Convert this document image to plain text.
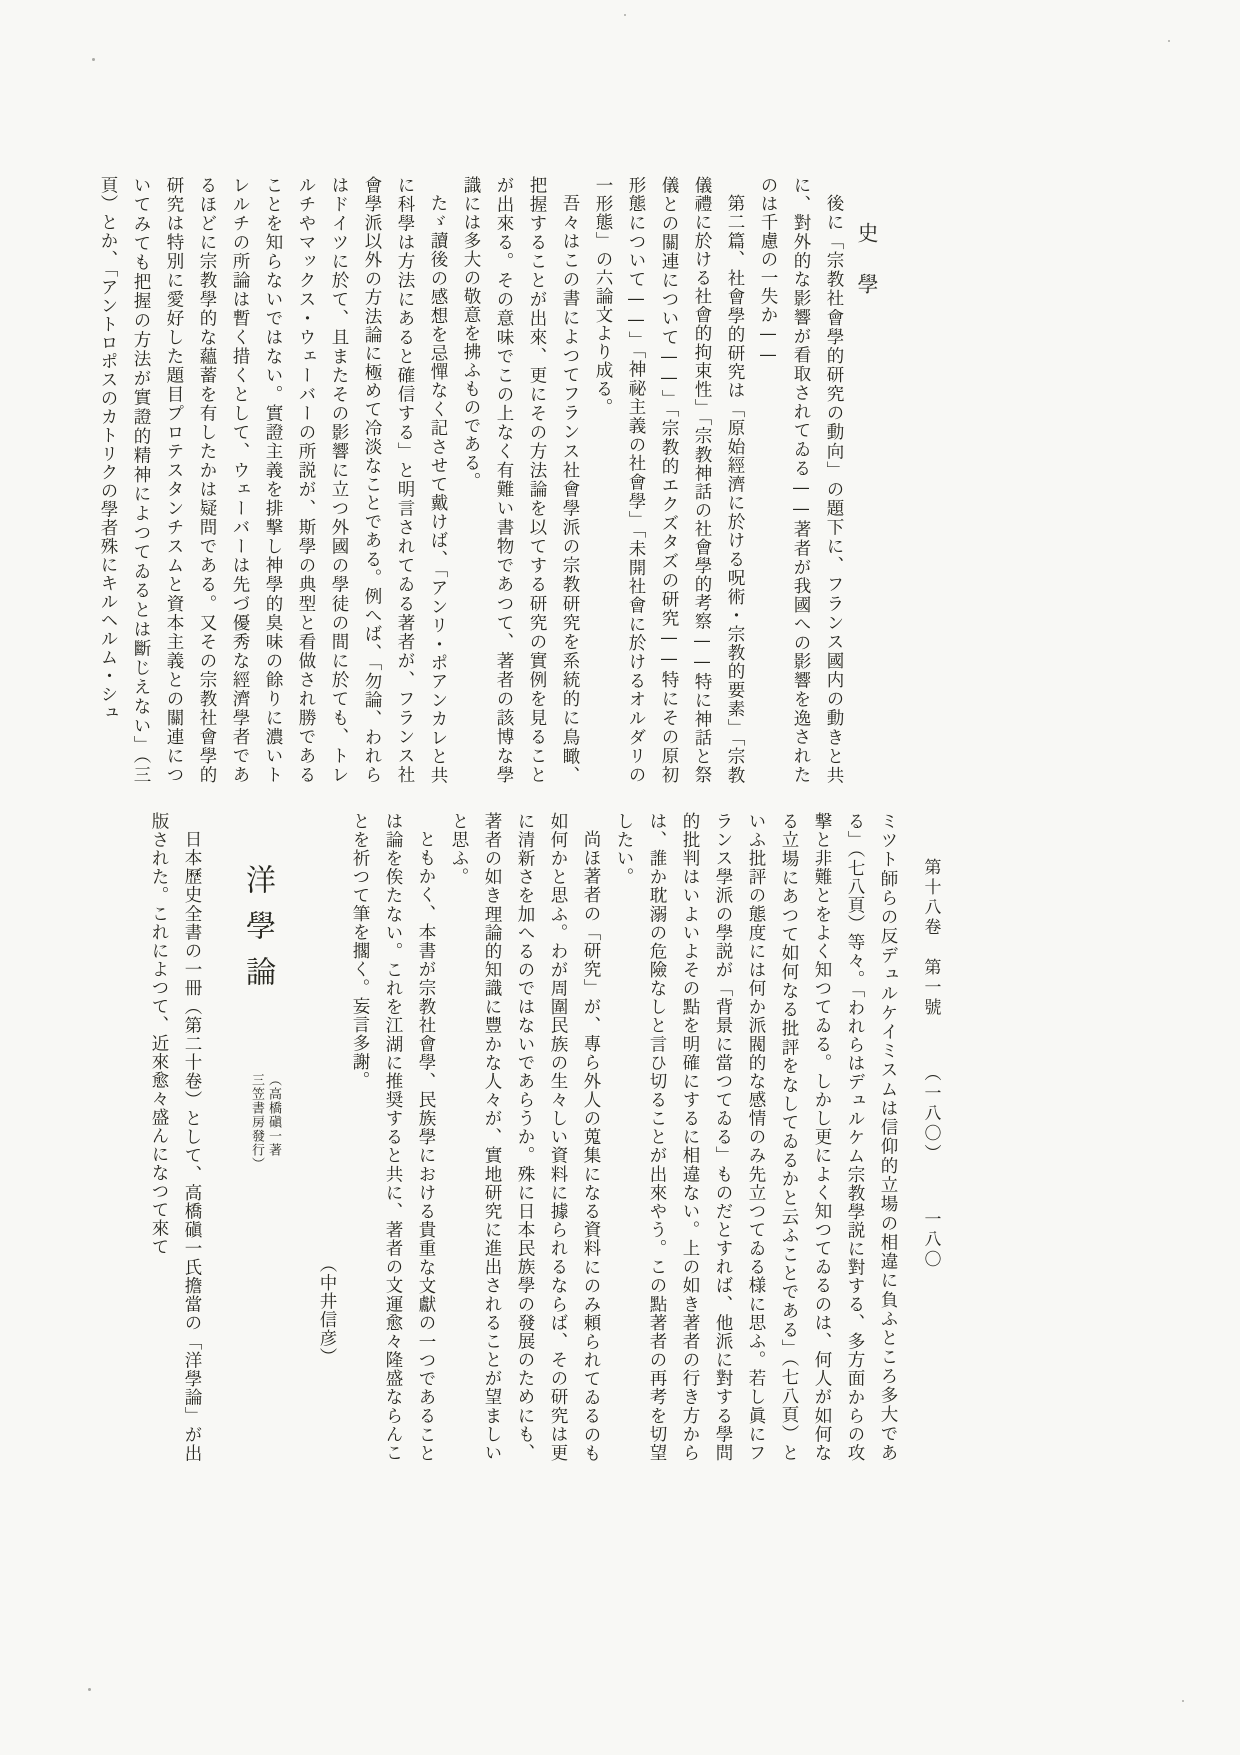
史學

後に「宗教社會學的研究の動向」の題下に、フランス國内の動きと共に、對外的な影響が看取されてゐる——著者が我國への影響を逸されたのは千慮の一失か——

第二篇、社會學的研究は「原始經濟に於ける呪術・宗教的要素」「宗教儀禮に於ける社會的拘束性」「宗教神話の社會學的考察——特に神話と祭儀との關連について——」「宗教的エクズタズの研究——特にその原初形態について——」「神祕主義の社會學」「未開社會に於けるオルダリの一形態」の六論文より成る。

吾々はこの書によつてフランス社會學派の宗教研究を系統的に鳥瞰、把握することが出來、更にその方法論を以てする研究の實例を見ることが出來る。その意味でこの上なく有難い書物であつて、著者の該博な學識には多大の敬意を拂ふものである。

たゞ讀後の感想を忌憚なく記させて戴けば、「アンリ・ポアンカレと共に科學は方法にあると確信する」と明言されてゐる著者が、フランス社會學派以外の方法論に極めて冷淡なことである。例へば、「勿論、われらはドイツに於て、且またその影響に立つ外國の學徒の間に於ても、トレルチやマックス・ウェーバーの所説が、斯學の典型と看做され勝であることを知らないではない。實證主義を排撃し神學的臭味の餘りに濃いトレルチの所論は暫く措くとして、ウェーバーは先づ優秀な經濟學者であるほどに宗教學的な蘊蓄を有したかは疑問である。又その宗教社會學的研究は特別に愛好した題目プロテスタンチスムと資本主義との關連についてみても把握の方法が實證的精神によつてゐるとは斷じえない」（三頁）とか、「アントロポスのカトリクの學者殊にキルヘルム・シュ

第十八卷　第一號
（一八〇）
一八〇

ミツト師らの反デュルケイミスムは信仰的立場の相違に負ふところ多大である」（七八頁）等々。「われらはデュルケム宗教學説に對する、多方面からの攻撃と非難とをよく知つてゐる。しかし更によく知つてゐるのは、何人が如何なる立場にあつて如何なる批評をなしてゐるかと云ふことである」（七八頁）といふ批評の態度には何か派閥的な感情のみ先立つてゐる様に思ふ。若し眞にフランス學派の學説が「背景に當つてゐる」ものだとすれば、他派に對する學問的批判はいよいよその點を明確にするに相違ない。上の如き著者の行き方からは、誰か耽溺の危險なしと言ひ切ることが出來やう。この點著者の再考を切望したい。

尚ほ著者の「研究」が、專ら外人の蒐集になる資料にのみ頼られてゐるのも如何かと思ふ。わが周圍民族の生々しい資料に據られるならば、その研究は更に清新さを加へるのではないであらうか。殊に日本民族學の發展のためにも、著者の如き理論的知識に豐かな人々が、實地研究に進出されることが望ましいと思ふ。

ともかく、本書が宗教社會學、民族學における貴重な文獻の一つであることは論を俟たない。これを江湖に推奨すると共に、著者の文運愈々隆盛ならんことを祈つて筆を擱く。妄言多謝。

（中井信彦）

洋學論 （高橋磌一著
三笠書房發行）

日本歷史全書の一冊（第二十卷）として、高橋磌一氏擔當の「洋學論」が出版された。これによつて、近來愈々盛んになつて來て
